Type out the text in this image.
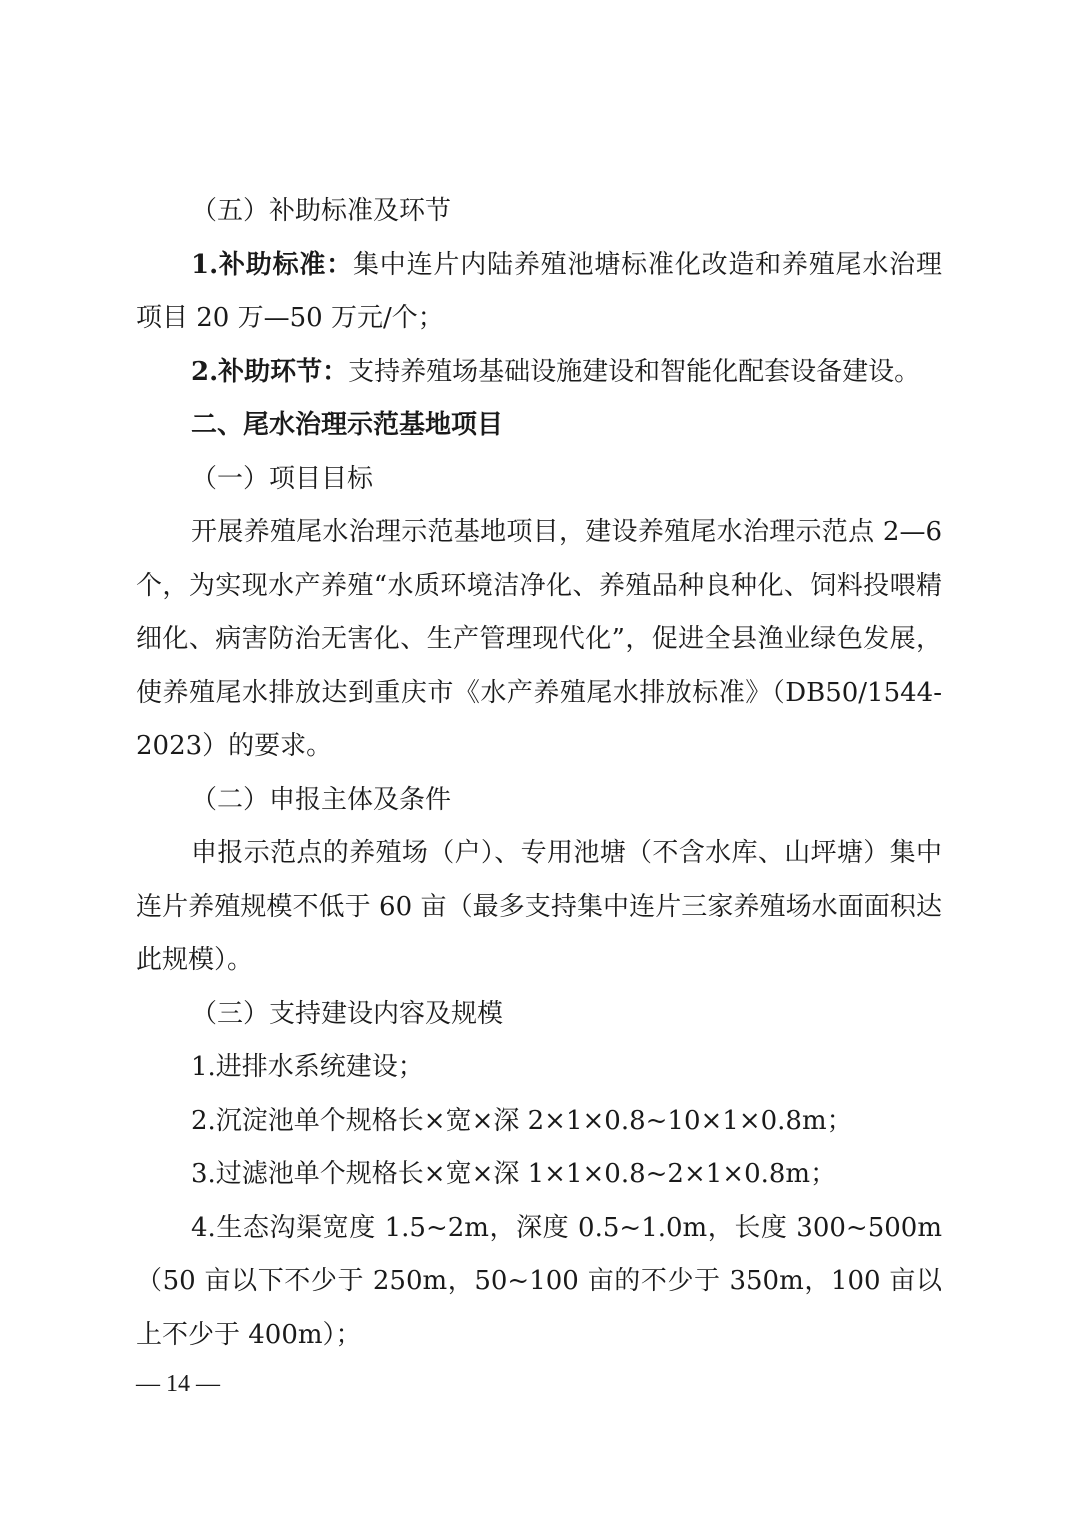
（五）补助标准及环节

1.补助标准：集中连片内陆养殖池塘标准化改造和养殖尾水治理项目 20 万—50 万元/个；

2.补助环节：支持养殖场基础设施建设和智能化配套设备建设。

二、尾水治理示范基地项目

（一）项目目标

开展养殖尾水治理示范基地项目，建设养殖尾水治理示范点 2—6 个，为实现水产养殖“水质环境洁净化、养殖品种良种化、饲料投喂精细化、病害防治无害化、生产管理现代化”，促进全县渔业绿色发展，使养殖尾水排放达到重庆市《水产养殖尾水排放标准》（DB50/1544-2023）的要求。

（二）申报主体及条件

申报示范点的养殖场（户）、专用池塘（不含水库、山坪塘）集中连片养殖规模不低于 60 亩（最多支持集中连片三家养殖场水面面积达此规模）。

（三）支持建设内容及规模

1.进排水系统建设；

2.沉淀池单个规格长×宽×深 2×1×0.8~10×1×0.8m；

3.过滤池单个规格长×宽×深 1×1×0.8~2×1×0.8m；

4.生态沟渠宽度 1.5~2m，深度 0.5~1.0m，长度 300~500m（50 亩以下不少于 250m，50~100 亩的不少于 350m，100 亩以上不少于 400m）；

— 14 —
